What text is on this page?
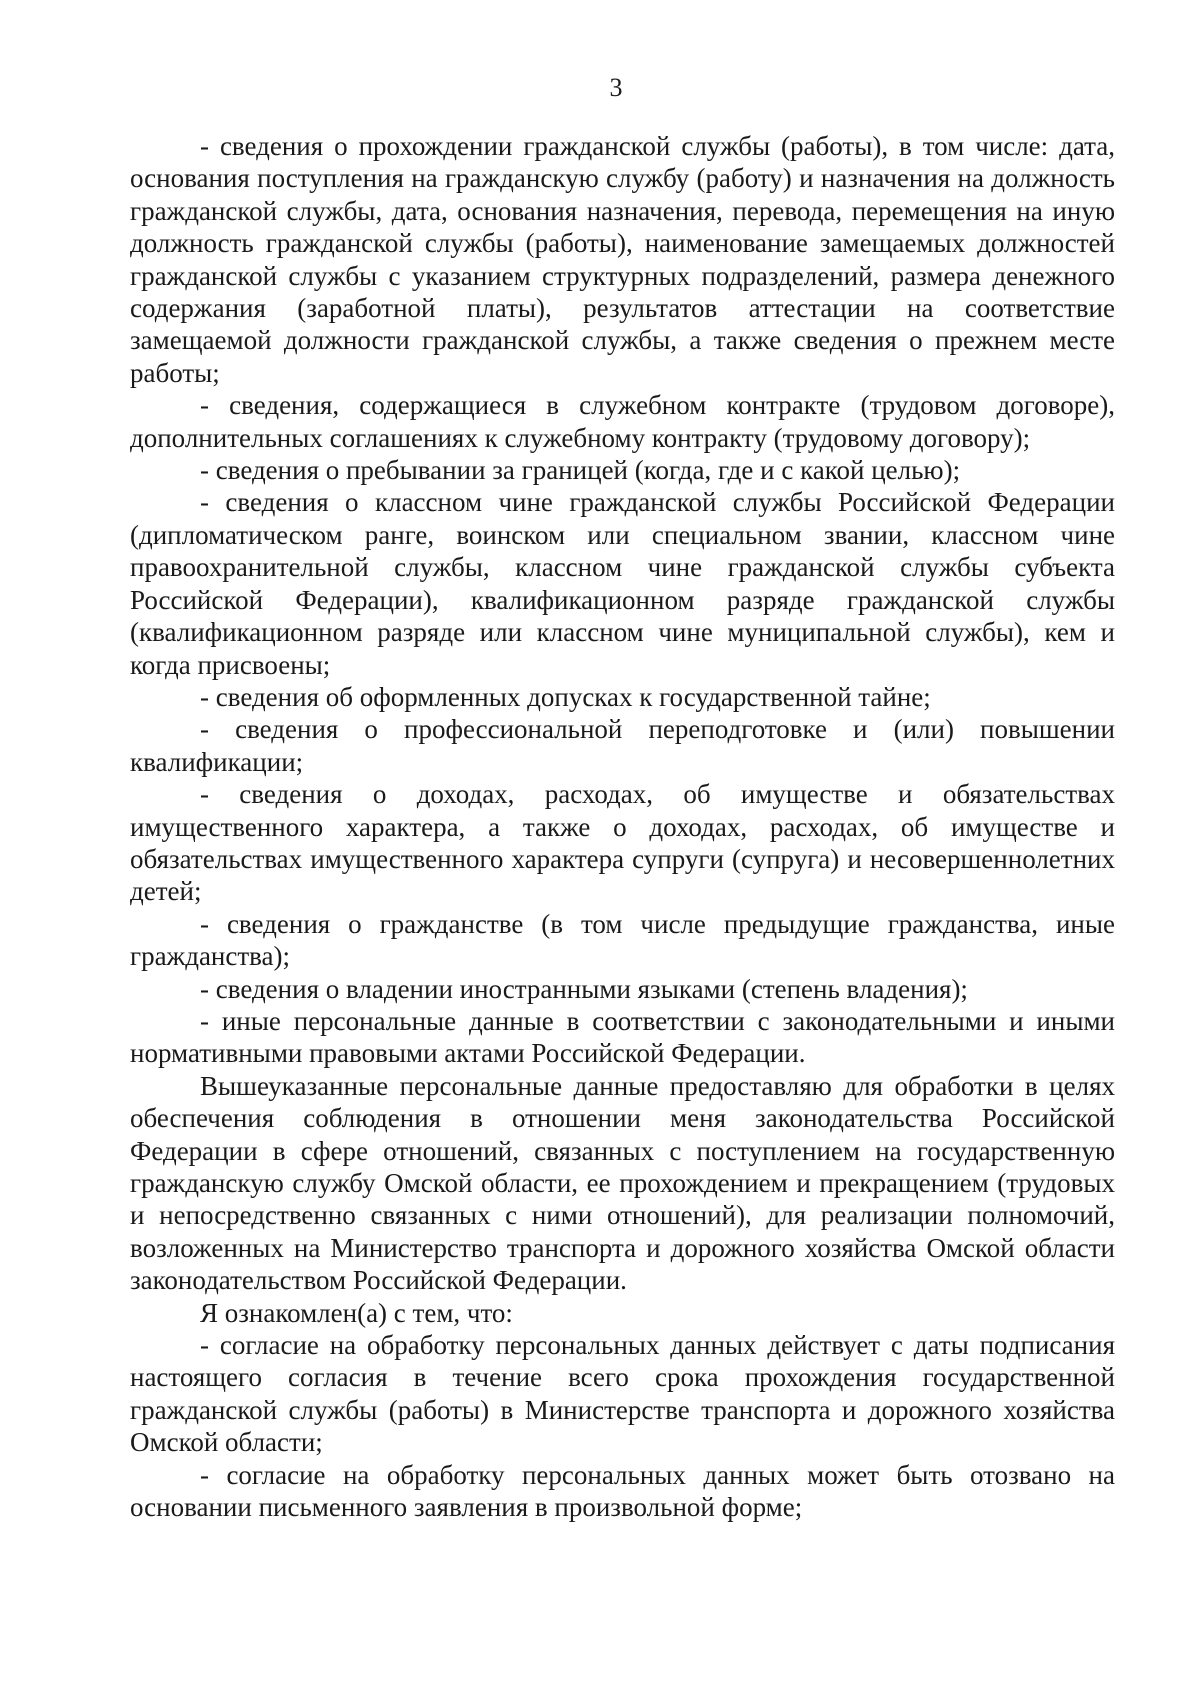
3

- сведения о прохождении гражданской службы (работы), в том числе: дата, основания поступления на гражданскую службу (работу) и назначения на должность гражданской службы, дата, основания назначения, перевода, перемещения на иную должность гражданской службы (работы), наименование замещаемых должностей гражданской службы с указанием структурных подразделений, размера денежного содержания (заработной платы), результатов аттестации на соответствие замещаемой должности гражданской службы, а также сведения о прежнем месте работы;

- сведения, содержащиеся в служебном контракте (трудовом договоре), дополнительных соглашениях к служебному контракту (трудовому договору);

- сведения о пребывании за границей (когда, где и с какой целью);

- сведения о классном чине гражданской службы Российской Федерации (дипломатическом ранге, воинском или специальном звании, классном чине правоохранительной службы, классном чине гражданской службы субъекта Российской Федерации), квалификационном разряде гражданской службы (квалификационном разряде или классном чине муниципальной службы), кем и когда присвоены;

- сведения об оформленных допусках к государственной тайне;

- сведения о профессиональной переподготовке и (или) повышении квалификации;

- сведения о доходах, расходах, об имуществе и обязательствах имущественного характера, а также о доходах, расходах, об имуществе и обязательствах имущественного характера супруги (супруга) и несовершеннолетних детей;

- сведения о гражданстве (в том числе предыдущие гражданства, иные гражданства);

- сведения о владении иностранными языками (степень владения);

- иные персональные данные в соответствии с законодательными и иными нормативными правовыми актами Российской Федерации.

Вышеуказанные персональные данные предоставляю для обработки в целях обеспечения соблюдения в отношении меня законодательства Российской Федерации в сфере отношений, связанных с поступлением на государственную гражданскую службу Омской области, ее прохождением и прекращением (трудовых и непосредственно связанных с ними отношений), для реализации полномочий, возложенных на Министерство транспорта и дорожного хозяйства Омской области законодательством Российской Федерации.

Я ознакомлен(а) с тем, что:

- согласие на обработку персональных данных действует с даты подписания настоящего согласия в течение всего срока прохождения государственной гражданской службы (работы) в Министерстве транспорта и дорожного хозяйства Омской области;

- согласие на обработку персональных данных может быть отозвано на основании письменного заявления в произвольной форме;
